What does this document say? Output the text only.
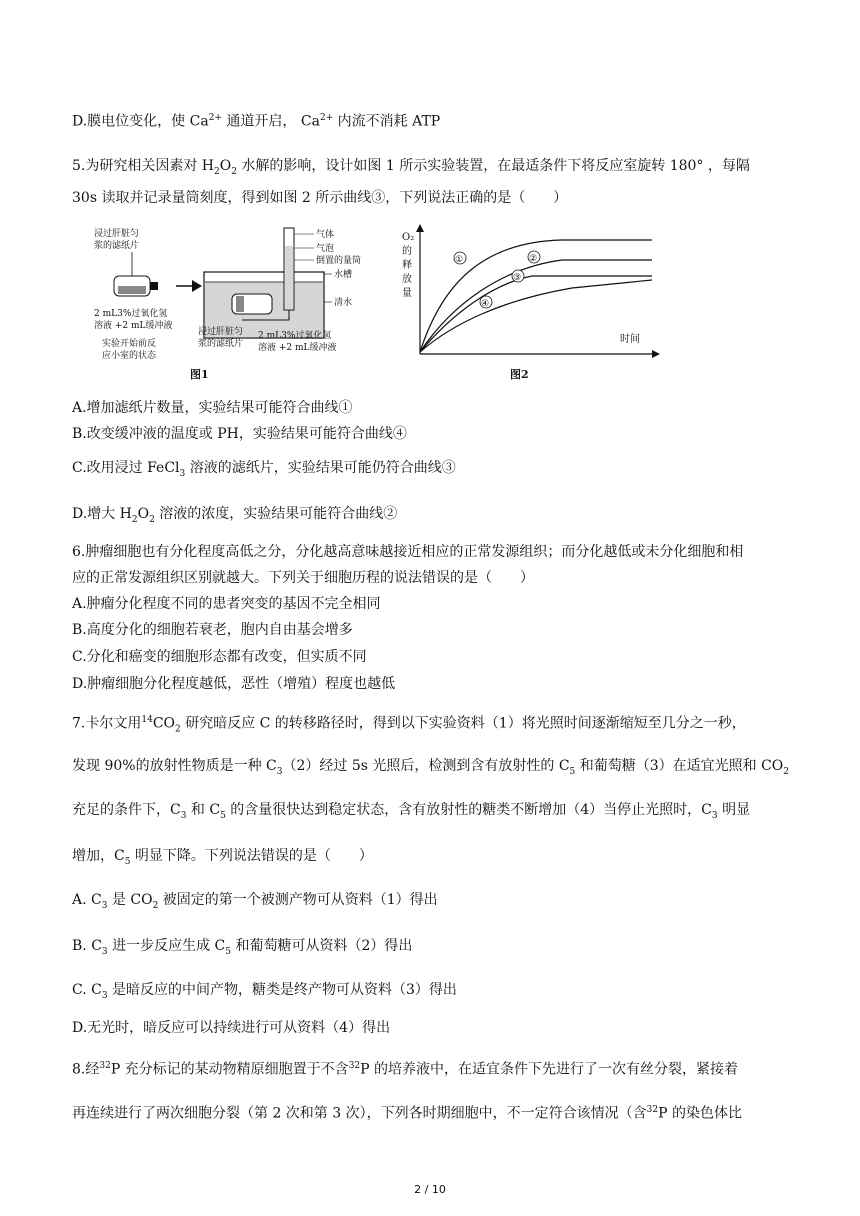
D.膜电位变化，使 $Ca^{2+}$ 通道开启， $Ca^{2+}$ 内流不消耗 ATP
5.为研究相关因素对 $H_2O_2$ 水解的影响，设计如图 1 所示实验装置，在最适条件下将反应室旋转 180° ，每隔
30s 读取并记录量筒刻度，得到如图 2 所示曲线③，下列说法正确的是（　　）
浸过肝脏匀
浆的滤纸片
2 mL3%过氧化氢
溶液 +2 mL缓冲液
实验开始前反
应小室的状态
气体
气泡
倒置的量筒
水槽
清水
浸过肝脏匀
浆的滤纸片
2 mL3%过氧化氢
溶液 +2 mL缓冲液
图1
O₂
的
释
放
量
时间
①	②
③
④
图2
A.增加滤纸片数量，实验结果可能符合曲线①
B.改变缓冲液的温度或 PH，实验结果可能符合曲线④
C.改用浸过 FeCl$_3$ 溶液的滤纸片，实验结果可能仍符合曲线③
D.增大 $H_2O_2$ 溶液的浓度，实验结果可能符合曲线②
6.肿瘤细胞也有分化程度高低之分，分化越高意味越接近相应的正常发源组织；而分化越低或未分化细胞和相
应的正常发源组织区别就越大。下列关于细胞历程的说法错误的是（　　）
A.肿瘤分化程度不同的患者突变的基因不完全相同
B.高度分化的细胞若衰老，胞内自由基会增多
C.分化和癌变的细胞形态都有改变，但实质不同
D.肿瘤细胞分化程度越低，恶性（增殖）程度也越低
7.卡尔文用$^{14}CO_2$ 研究暗反应 C 的转移路径时，得到以下实验资料（1）将光照时间逐渐缩短至几分之一秒，
发现 90%的放射性物质是一种 $C_3(2)$经过 5s 光照后，检测到含有放射性的 $C_5$ 和葡萄糖（3）在适宜光照和 $CO_2$
充足的条件下，$C_3$ 和 $C_5$ 的含量很快达到稳定状态，含有放射性的糖类不断增加（4）当停止光照时，$C_3$ 明显
增加，$C_5$ 明显下降。下列说法错误的是（　　）
A. $C_3$ 是 $CO_2$ 被固定的第一个被测产物可从资料（1）得出
B. $C_3$ 进一步反应生成 $C_5$ 和葡萄糖可从资料（2）得出
C. $C_3$ 是暗反应的中间产物，糖类是终产物可从资料（3）得出
D.无光时，暗反应可以持续进行可从资料（4）得出
8.经$^{32}$P 充分标记的某动物精原细胞置于不含$^{32}$P 的培养液中，在适宜条件下先进行了一次有丝分裂，紧接着
再连续进行了两次细胞分裂（第 2 次和第 3 次），下列各时期细胞中，不一定符合该情况（含$^{32}$P 的染色体比
2 / 10
